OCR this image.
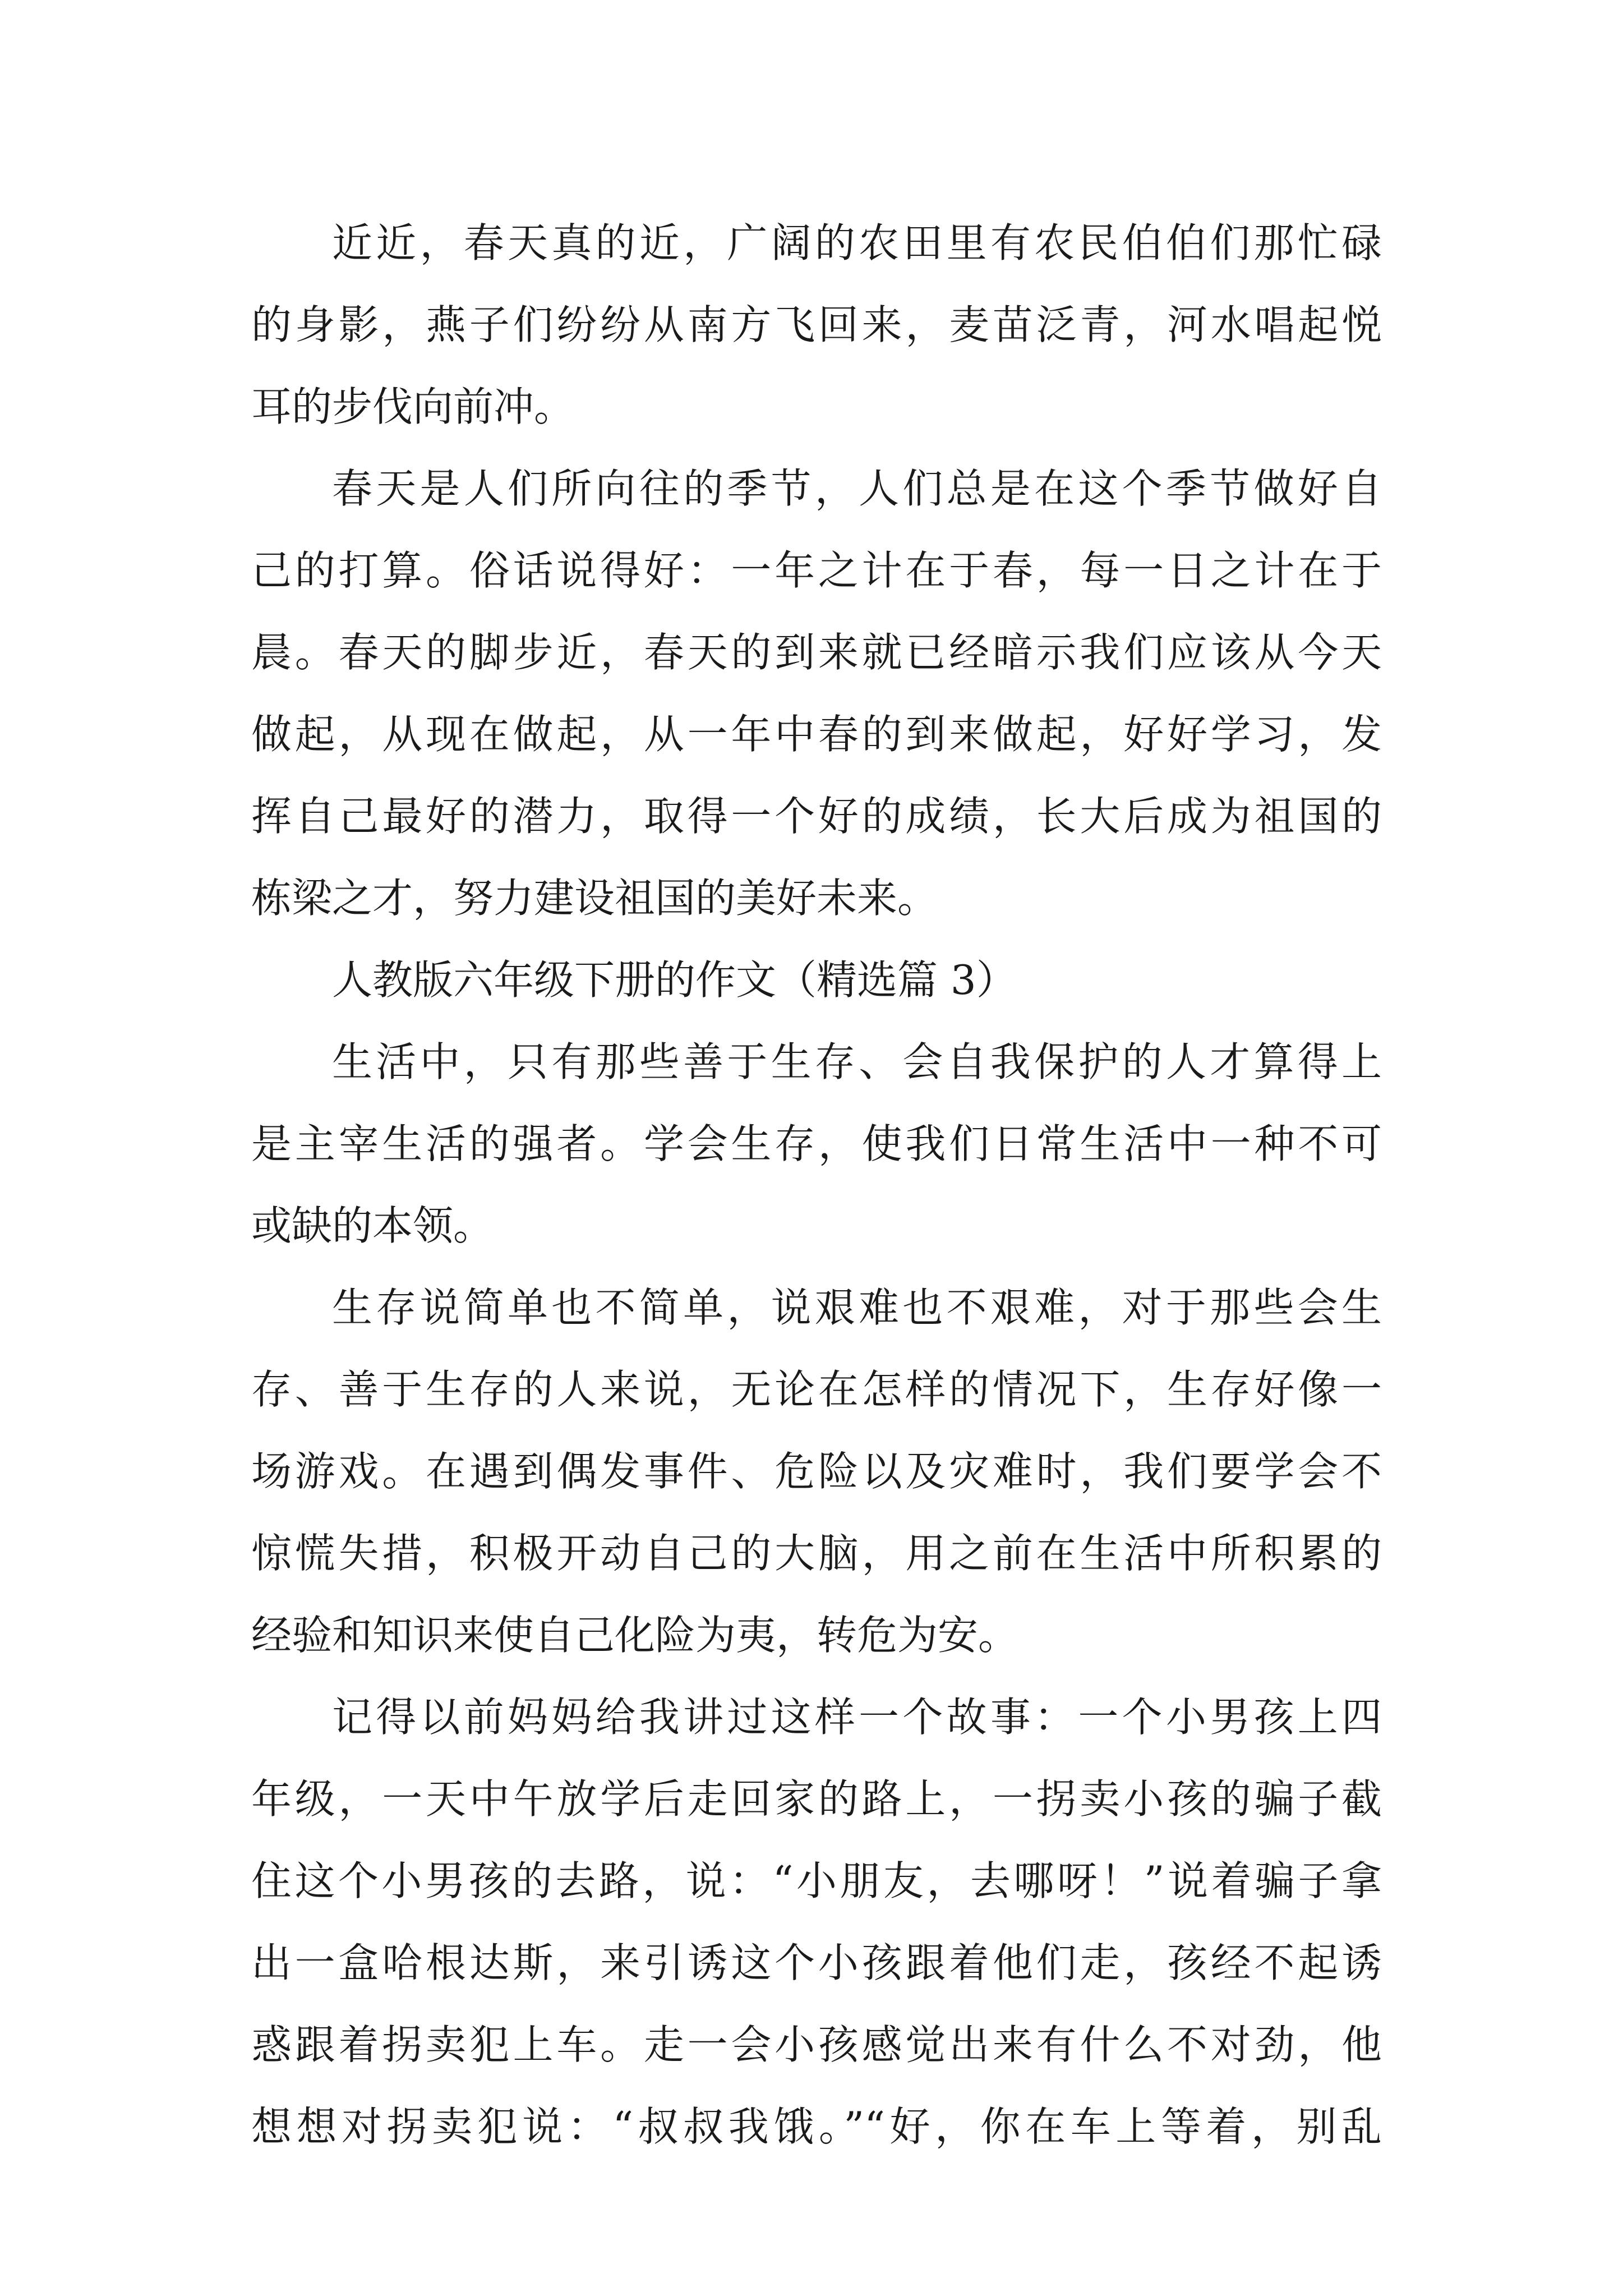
近近，春天真的近，广阔的农田里有农民伯伯们那忙碌
的身影，燕子们纷纷从南方飞回来，麦苗泛青，河水唱起悦
耳的步伐向前冲。
春天是人们所向往的季节，人们总是在这个季节做好自
己的打算。俗话说得好：一年之计在于春，每一日之计在于
晨。春天的脚步近，春天的到来就已经暗示我们应该从今天
做起，从现在做起，从一年中春的到来做起，好好学习，发
挥自己最好的潜力，取得一个好的成绩，长大后成为祖国的
栋梁之才，努力建设祖国的美好未来。
人教版六年级下册的作文（精选篇 3）
生活中，只有那些善于生存、会自我保护的人才算得上
是主宰生活的强者。学会生存，使我们日常生活中一种不可
或缺的本领。
生存说简单也不简单，说艰难也不艰难，对于那些会生
存、善于生存的人来说，无论在怎样的情况下，生存好像一
场游戏。在遇到偶发事件、危险以及灾难时，我们要学会不
惊慌失措，积极开动自己的大脑，用之前在生活中所积累的
经验和知识来使自己化险为夷，转危为安。
记得以前妈妈给我讲过这样一个故事：一个小男孩上四
年级，一天中午放学后走回家的路上，一拐卖小孩的骗子截
住这个小男孩的去路，说：“小朋友，去哪呀！”说着骗子拿
出一盒哈根达斯，来引诱这个小孩跟着他们走，孩经不起诱
惑跟着拐卖犯上车。走一会小孩感觉出来有什么不对劲，他
想想对拐卖犯说：“叔叔我饿。”“好，你在车上等着，别乱
